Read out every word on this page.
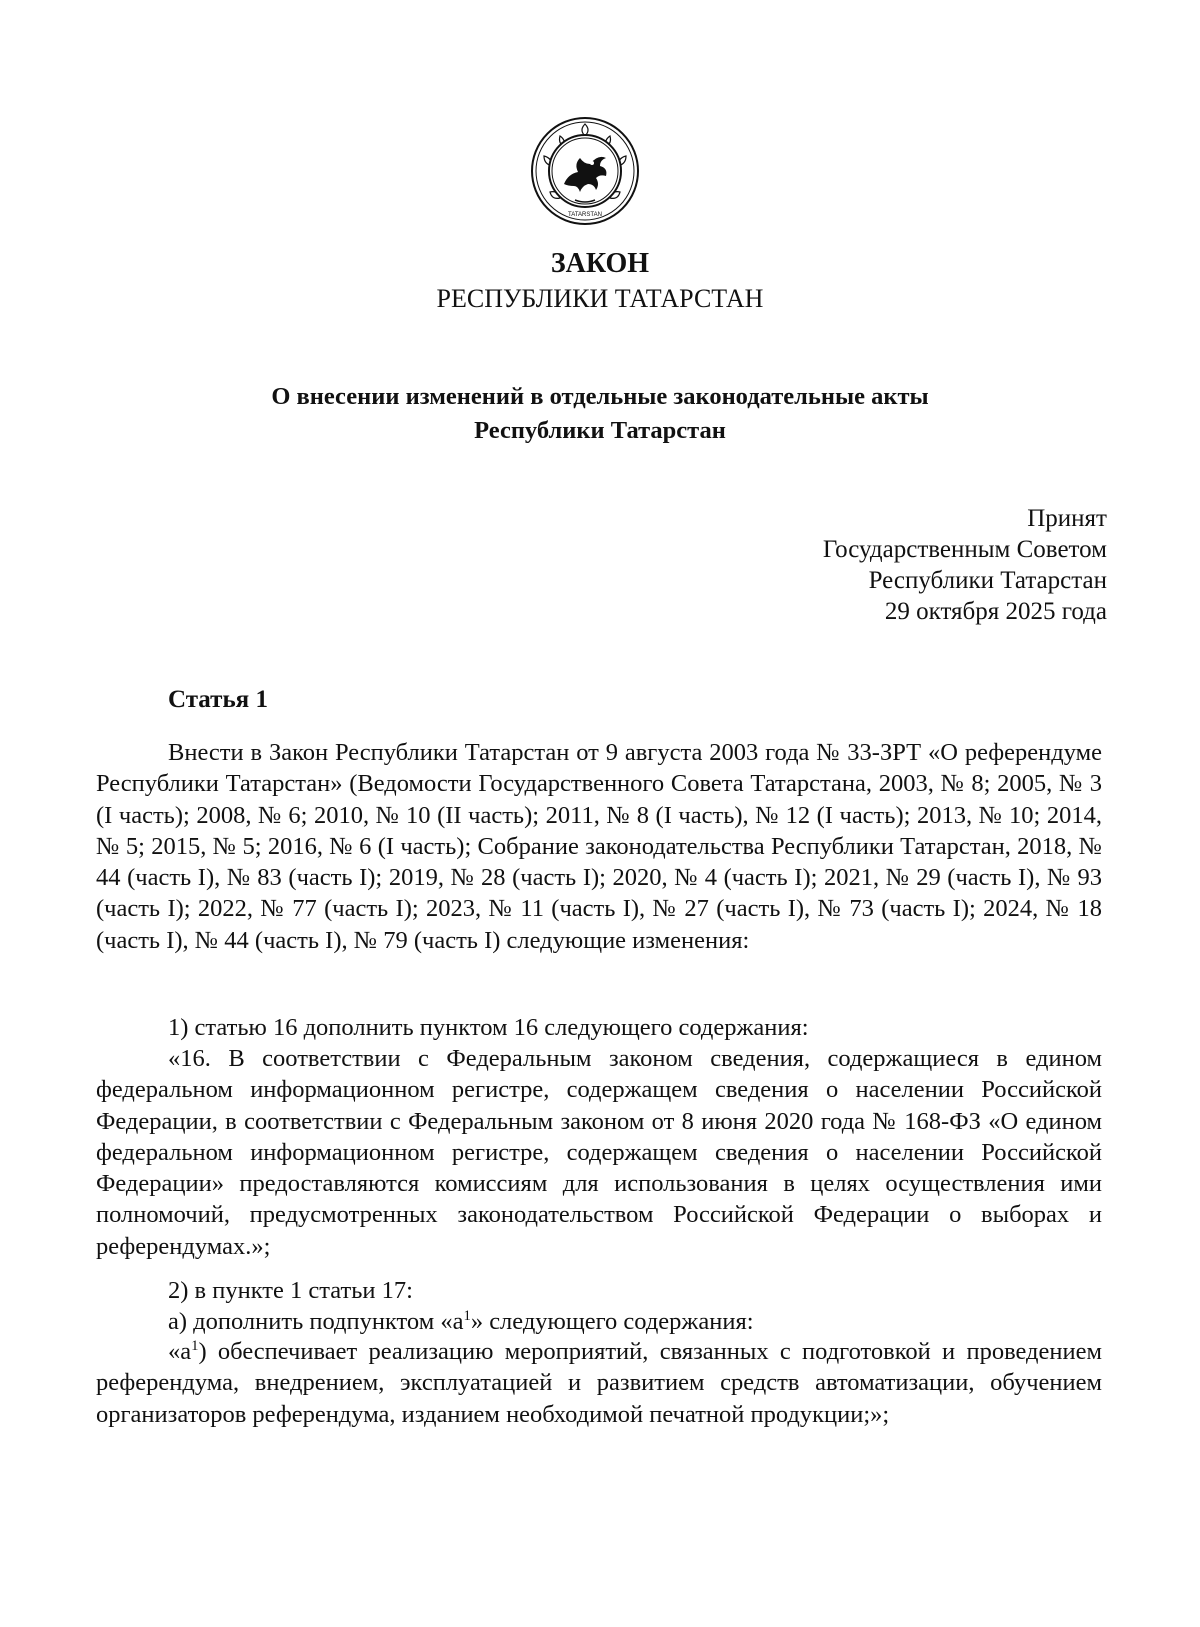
TATARSTAN
ЗАКОН
РЕСПУБЛИКИ ТАТАРСТАН
О внесении изменений в отдельные законодательные акты
Республики Татарстан
Принят
Государственным Советом
Республики Татарстан
29 октября 2025 года
Статья 1
Внести в Закон Республики Татарстан от 9 августа 2003 года № 33-ЗРТ «О референдуме Республики Татарстан» (Ведомости Государственного Совета Татарстана, 2003, № 8; 2005, № 3 (I часть); 2008, № 6; 2010, № 10 (II часть); 2011, № 8 (I часть), № 12 (I часть); 2013, № 10; 2014, № 5; 2015, № 5; 2016, № 6 (I часть); Собрание законодательства Республики Татарстан, 2018, № 44 (часть I), № 83 (часть I); 2019, № 28 (часть I); 2020, № 4 (часть I); 2021, № 29 (часть I), № 93 (часть I); 2022, № 77 (часть I); 2023, № 11 (часть I), № 27 (часть I), № 73 (часть I); 2024, № 18 (часть I), № 44 (часть I), № 79 (часть I) следующие изменения:
1) статью 16 дополнить пунктом 16 следующего содержания:
«16. В соответствии с Федеральным законом сведения, содержащиеся в едином федеральном информационном регистре, содержащем сведения о населении Российской Федерации, в соответствии с Федеральным законом от 8 июня 2020 года № 168-ФЗ «О едином федеральном информационном регистре, содержащем сведения о населении Российской Федерации» предоставляются комиссиям для использования в целях осуществления ими полномочий, предусмотренных законодательством Российской Федерации о выборах и референдумах.»;
2) в пункте 1 статьи 17:
а) дополнить подпунктом «$а^1$» следующего содержания:
«$а^1$) обеспечивает реализацию мероприятий, связанных с подготовкой и проведением референдума, внедрением, эксплуатацией и развитием средств автоматизации, обучением организаторов референдума, изданием необходимой печатной продукции;»;
